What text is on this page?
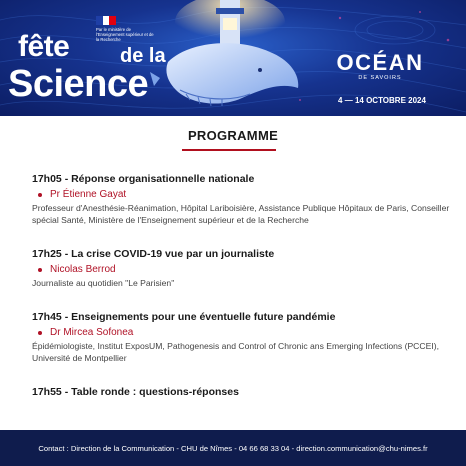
Par le ministère de l'Enseignement supérieur et de la Recherche
fête	de la
Science
OCÉAN
DE SAVOIRS
4 — 14 OCTOBRE 2024
PROGRAMME
17h05 - Réponse organisationnelle nationale
Pr Étienne Gayat
Professeur d'Anesthésie-Réanimation, Hôpital Lariboisière, Assistance Publique Hôpitaux de Paris, Conseiller spécial Santé, Ministère de l'Enseignement supérieur et de la Recherche
17h25 - La crise COVID-19 vue par un journaliste
Nicolas Berrod
Journaliste au quotidien "Le Parisien"
17h45 - Enseignements pour une éventuelle future pandémie
Dr Mircea Sofonea
Épidémiologiste, Institut ExposUM, Pathogenesis and Control of Chronic ans Emerging Infections (PCCEI), Université de Montpellier
17h55 - Table ronde : questions-réponses
Contact : Direction de la Communication - CHU de Nîmes - 04 66 68 33 04 - direction.communication@chu-nimes.fr
